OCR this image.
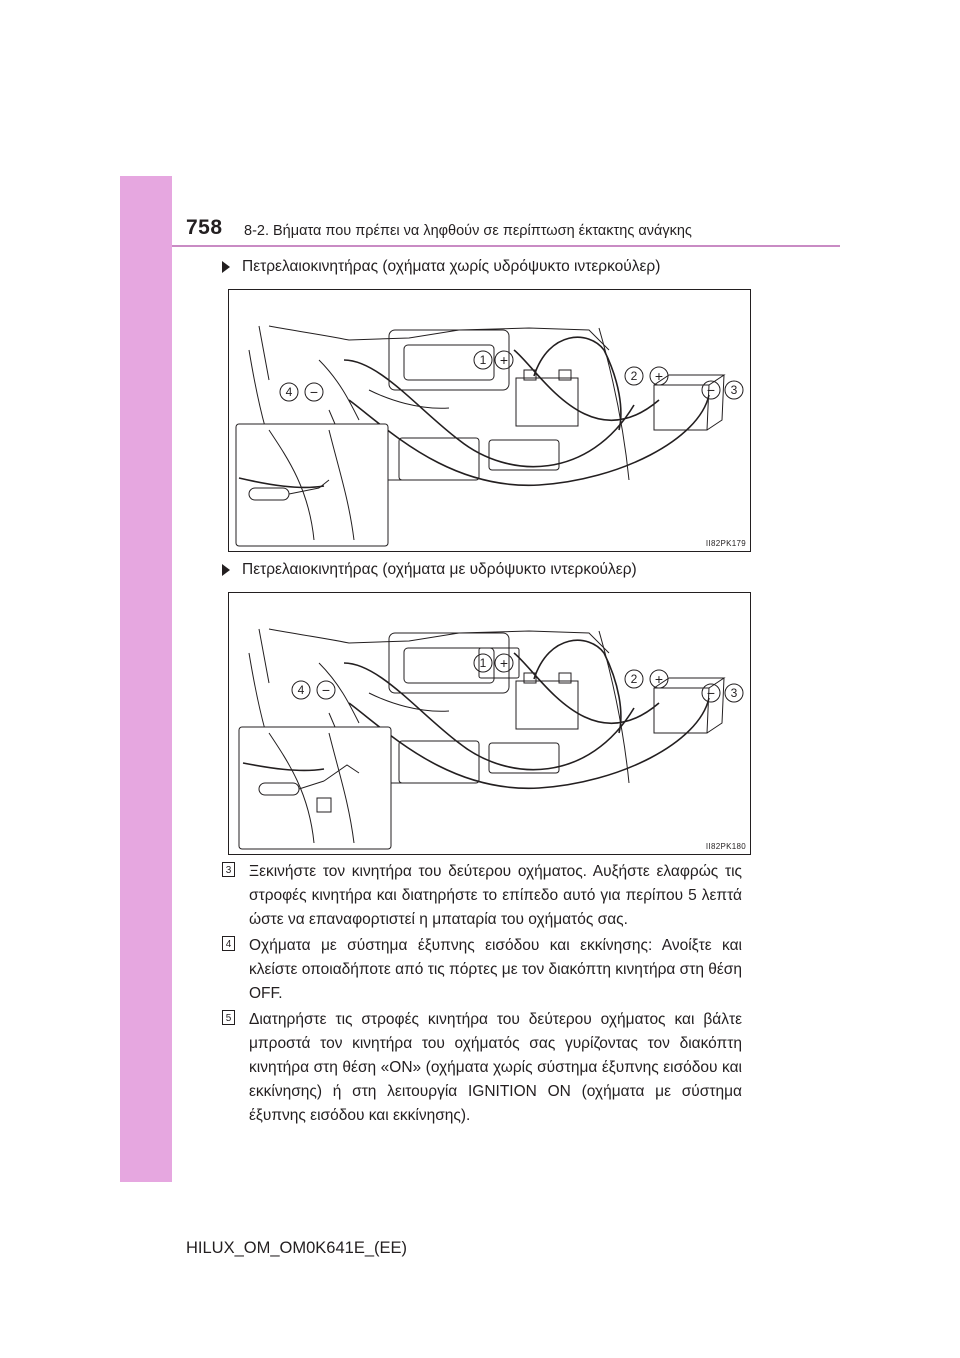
758 8-2. Βήματα που πρέπει να ληφθούν σε περίπτωση έκτακτης ανάγκης
Πετρελαιοκινητήρας (οχήματα χωρίς υδρόψυκτο ιντερκούλερ)
1
2
3
4
+
+
−
−
II82PK179
Πετρελαιοκινητήρας (οχήματα με υδρόψυκτο ιντερκούλερ)
1
2
3
4
+
+
−
−
II82PK180
3 Ξεκινήστε τον κινητήρα του δεύτερου οχήματος. Αυξήστε ελαφρώς τις στροφές κινητήρα και διατηρήστε το επίπεδο αυτό για περίπου 5 λεπτά ώστε να επαναφορτιστεί η μπαταρία του οχήματός σας.
4 Οχήματα με σύστημα έξυπνης εισόδου και εκκίνησης: Ανοίξτε και κλείστε οποιαδήποτε από τις πόρτες με τον διακόπτη κινητήρα στη θέση OFF.
5 Διατηρήστε τις στροφές κινητήρα του δεύτερου οχήματος και βάλτε μπροστά τον κινητήρα του οχήματός σας γυρίζοντας τον διακόπτη κινητήρα στη θέση «ON» (οχήματα χωρίς σύστημα έξυπνης εισόδου και εκκίνησης) ή στη λειτουργία IGNITION ON (οχήματα με σύστημα έξυπνης εισόδου και εκκίνησης).
HILUX_OM_OM0K641E_(EE)
